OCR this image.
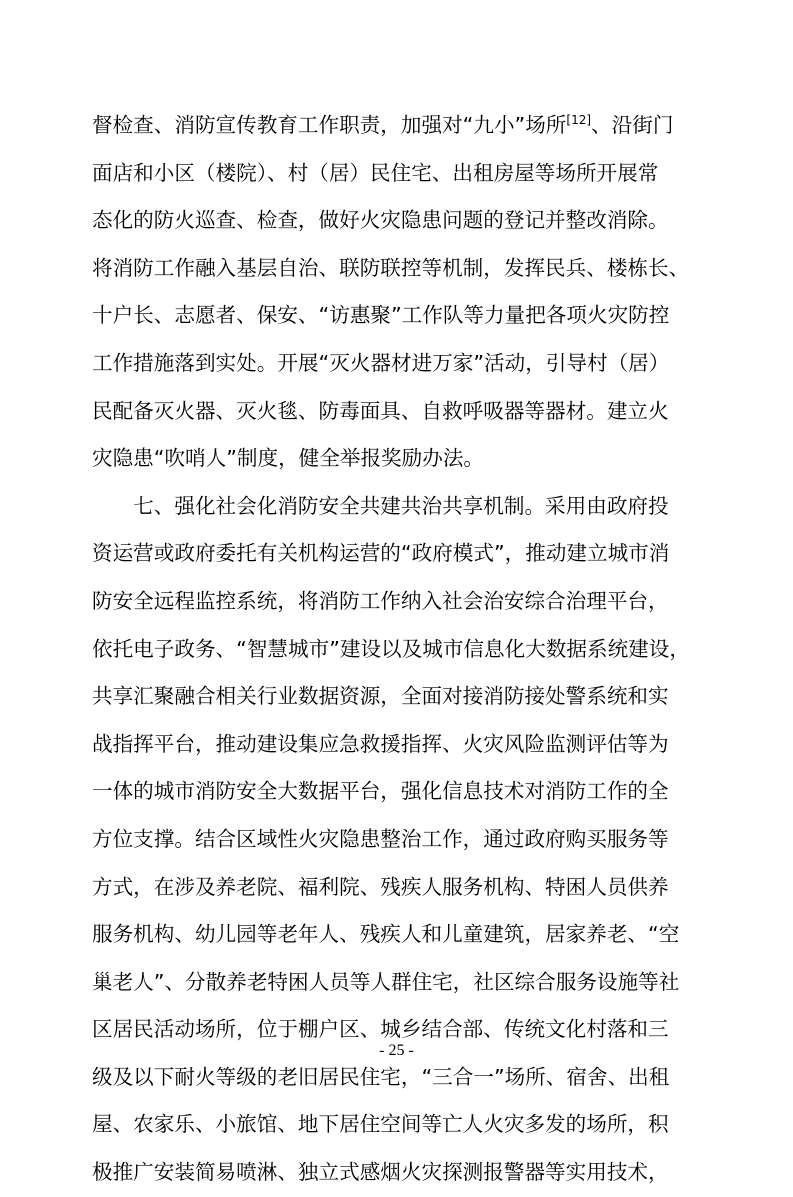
督检查、消防宣传教育工作职责，加强对“九小”场所[12]、沿街门
面店和小区（楼院）、村（居）民住宅、出租房屋等场所开展常
态化的防火巡查、检查，做好火灾隐患问题的登记并整改消除。
将消防工作融入基层自治、联防联控等机制，发挥民兵、楼栋长、
十户长、志愿者、保安、“访惠聚”工作队等力量把各项火灾防控
工作措施落到实处。开展“灭火器材进万家”活动，引导村（居）
民配备灭火器、灭火毯、防毒面具、自救呼吸器等器材。建立火
灾隐患“吹哨人”制度，健全举报奖励办法。
　　七、强化社会化消防安全共建共治共享机制。采用由政府投
资运营或政府委托有关机构运营的“政府模式”，推动建立城市消
防安全远程监控系统，将消防工作纳入社会治安综合治理平台，
依托电子政务、“智慧城市”建设以及城市信息化大数据系统建设，
共享汇聚融合相关行业数据资源，全面对接消防接处警系统和实
战指挥平台，推动建设集应急救援指挥、火灾风险监测评估等为
一体的城市消防安全大数据平台，强化信息技术对消防工作的全
方位支撑。结合区域性火灾隐患整治工作，通过政府购买服务等
方式，在涉及养老院、福利院、残疾人服务机构、特困人员供养
服务机构、幼儿园等老年人、残疾人和儿童建筑，居家养老、“空
巢老人”、分散养老特困人员等人群住宅，社区综合服务设施等社
区居民活动场所，位于棚户区、城乡结合部、传统文化村落和三
级及以下耐火等级的老旧居民住宅，“三合一”场所、宿舍、出租
屋、农家乐、小旅馆、地下居住空间等亡人火灾多发的场所，积
极推广安装简易喷淋、独立式感烟火灾探测报警器等实用技术，
- 25 -
